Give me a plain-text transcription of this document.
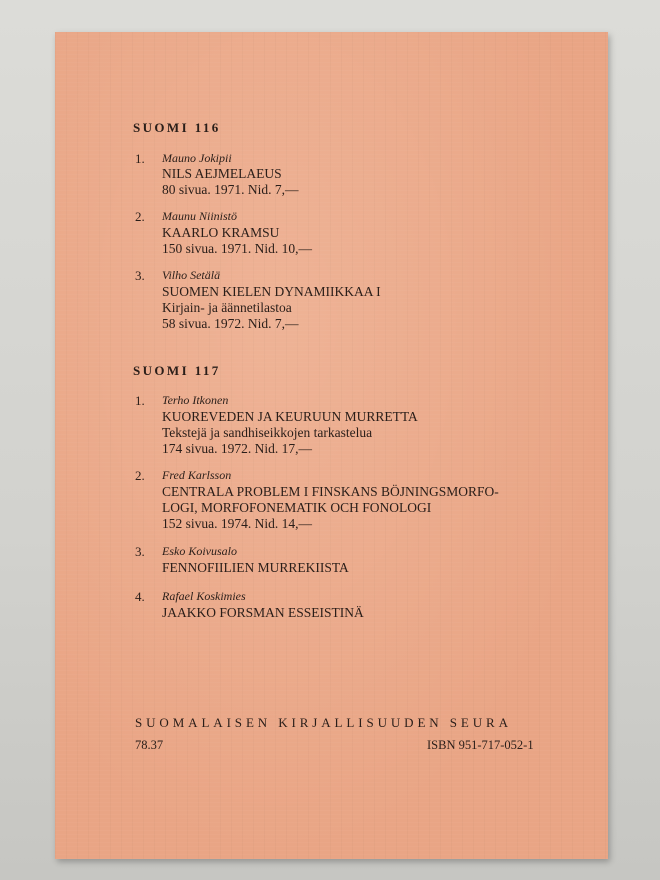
SUOMI 116
1.	Mauno Jokipii
NILS AEJMELAEUS
80 sivua. 1971. Nid. 7,—
2.	Maunu Niinistö
KAARLO KRAMSU
150 sivua. 1971. Nid. 10,—
3.	Vilho Setälä
SUOMEN KIELEN DYNAMIIKKAA I
Kirjain- ja äännetilastoa
58 sivua. 1972. Nid. 7,—
SUOMI 117
1.	Terho Itkonen
KUOREVEDEN JA KEURUUN MURRETTA
Tekstejä ja sandhiseikkojen tarkastelua
174 sivua. 1972. Nid. 17,—
2.	Fred Karlsson
CENTRALA PROBLEM I FINSKANS BÖJNINGSMORFO-
LOGI, MORFOFONEMATIK OCH FONOLOGI
152 sivua. 1974. Nid. 14,—
3.	Esko Koivusalo
FENNOFIILIEN MURREKIISTA
4.	Rafael Koskimies
JAAKKO FORSMAN ESSEISTINÄ
SUOMALAISEN KIRJALLISUUDEN SEURA
78.37	ISBN 951-717-052-1
